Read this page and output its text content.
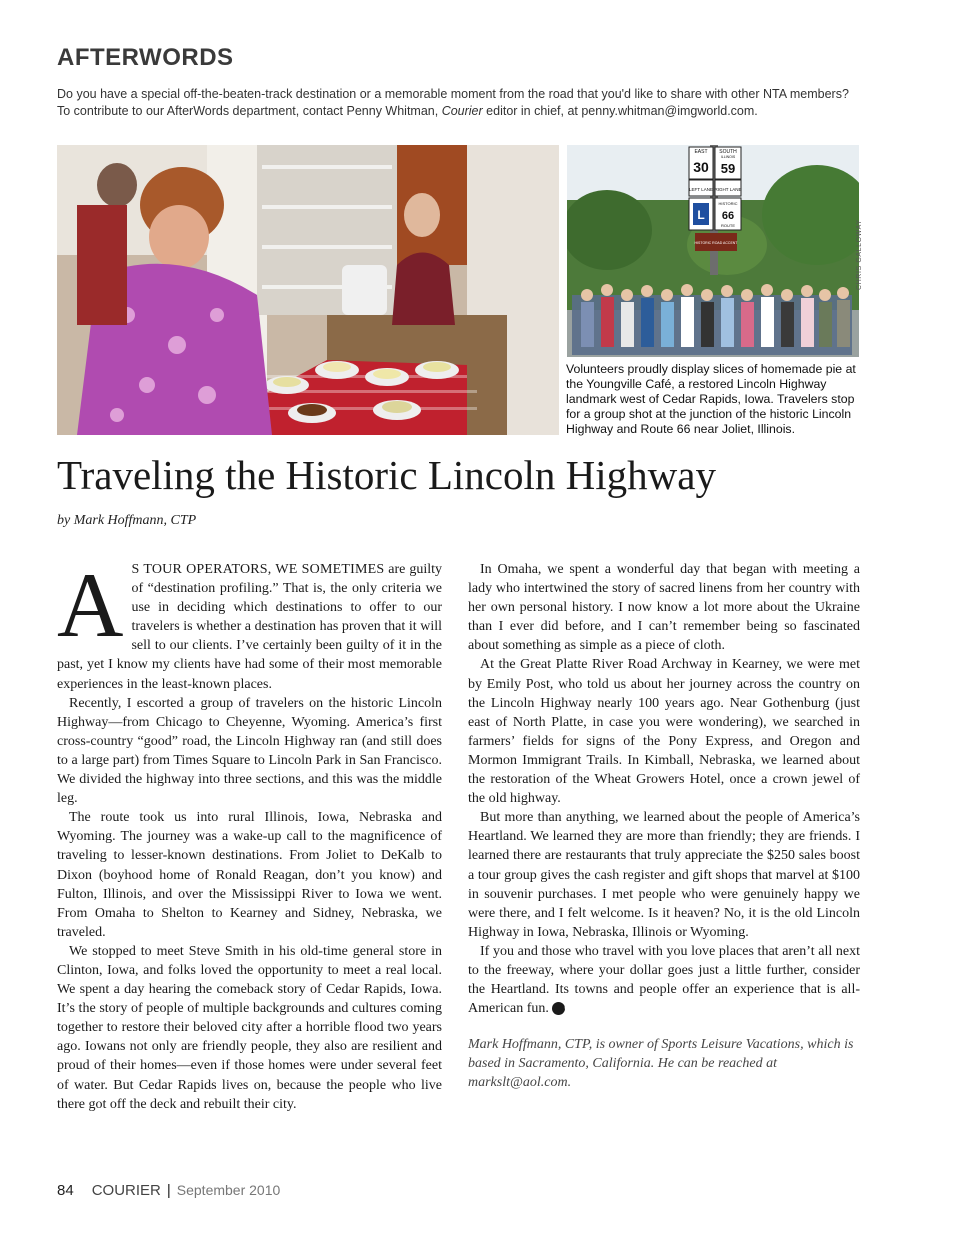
AFTERWORDS

Do you have a special off-the-beaten-track destination or a memorable moment from the road that you'd like to share with other NTA members?

To contribute to our AfterWords department, contact Penny Whitman, Courier editor in chief, at penny.whitman@imgworld.com.

EAST
30
SOUTH
ILLINOIS
59
LEFT LANE RIGHT LANE
L
HISTORIC
66
ROUTE
HISTORIC ROAD ACCENT	CHRIS GALLOWAY
Volunteers proudly display slices of homemade pie at the Youngville Café, a restored Lincoln Highway landmark west of Cedar Rapids, Iowa. Travelers stop for a group shot at the junction of the historic Lincoln Highway and Route 66 near Joliet, Illinois.
Traveling the Historic Lincoln Highway
by Mark Hoffmann, CTP

A S TOUR OPERATORS, WE SOMETIMES are guilty of “destination profiling.” That is, the only criteria we use in deciding which destinations to offer to our travelers is whether a destination has proven that it will sell to our clients. I’ve certainly been guilty of it in the past, yet I know my clients have had some of their most memorable experiences in the least-known places.

Recently, I escorted a group of travelers on the historic Lincoln Highway—from Chicago to Cheyenne, Wyoming. America’s first cross-country “good” road, the Lincoln Highway ran (and still does to a large part) from Times Square to Lincoln Park in San Francisco. We divided the highway into three sections, and this was the middle leg.

The route took us into rural Illinois, Iowa, Nebraska and Wyoming. The journey was a wake-up call to the magnificence of traveling to lesser-known destinations. From Joliet to DeKalb to Dixon (boyhood home of Ronald Reagan, don’t you know) and Fulton, Illinois, and over the Mississippi River to Iowa we went. From Omaha to Shelton to Kearney and Sidney, Nebraska, we traveled.

We stopped to meet Steve Smith in his old-time general store in Clinton, Iowa, and folks loved the opportunity to meet a real local. We spent a day hearing the comeback story of Cedar Rapids, Iowa. It’s the story of people of multiple backgrounds and cultures coming together to restore their beloved city after a horrible flood two years ago. Iowans not only are friendly people, they also are resilient and proud of their homes—even if those homes were under several feet of water. But Cedar Rapids lives on, because the people who live there got off the deck and rebuilt their city.

In Omaha, we spent a wonderful day that began with meeting a lady who intertwined the story of sacred linens from her country with her own personal history. I now know a lot more about the Ukraine than I ever did before, and I can’t remember being so fascinated about something as simple as a piece of cloth.

At the Great Platte River Road Archway in Kearney, we were met by Emily Post, who told us about her journey across the country on the Lincoln Highway nearly 100 years ago. Near Gothenburg (just east of North Platte, in case you were wondering), we searched in farmers’ fields for signs of the Pony Express, and Oregon and Mormon Immigrant Trails. In Kimball, Nebraska, we learned about the restoration of the Wheat Growers Hotel, once a crown jewel of the old highway.

But more than anything, we learned about the people of America’s Heartland. We learned they are more than friendly; they are friends. I learned there are restaurants that truly appreciate the $250 sales boost a tour group gives the cash register and gift shops that marvel at $100 in souvenir purchases. I met people who were genuinely happy we were there, and I felt welcome. Is it heaven? No, it is the old Lincoln Highway in Iowa, Nebraska, Illinois or Wyoming.

If you and those who travel with you love places that aren’t all next to the freeway, where your dollar goes just a little further, consider the Heartland. Its towns and people offer an experience that is all-American fun. C

Mark Hoffmann, CTP, is owner of Sports Leisure Vacations, which is based in Sacramento, California. He can be reached at markslt@aol.com.

84 COURIER | September 2010
